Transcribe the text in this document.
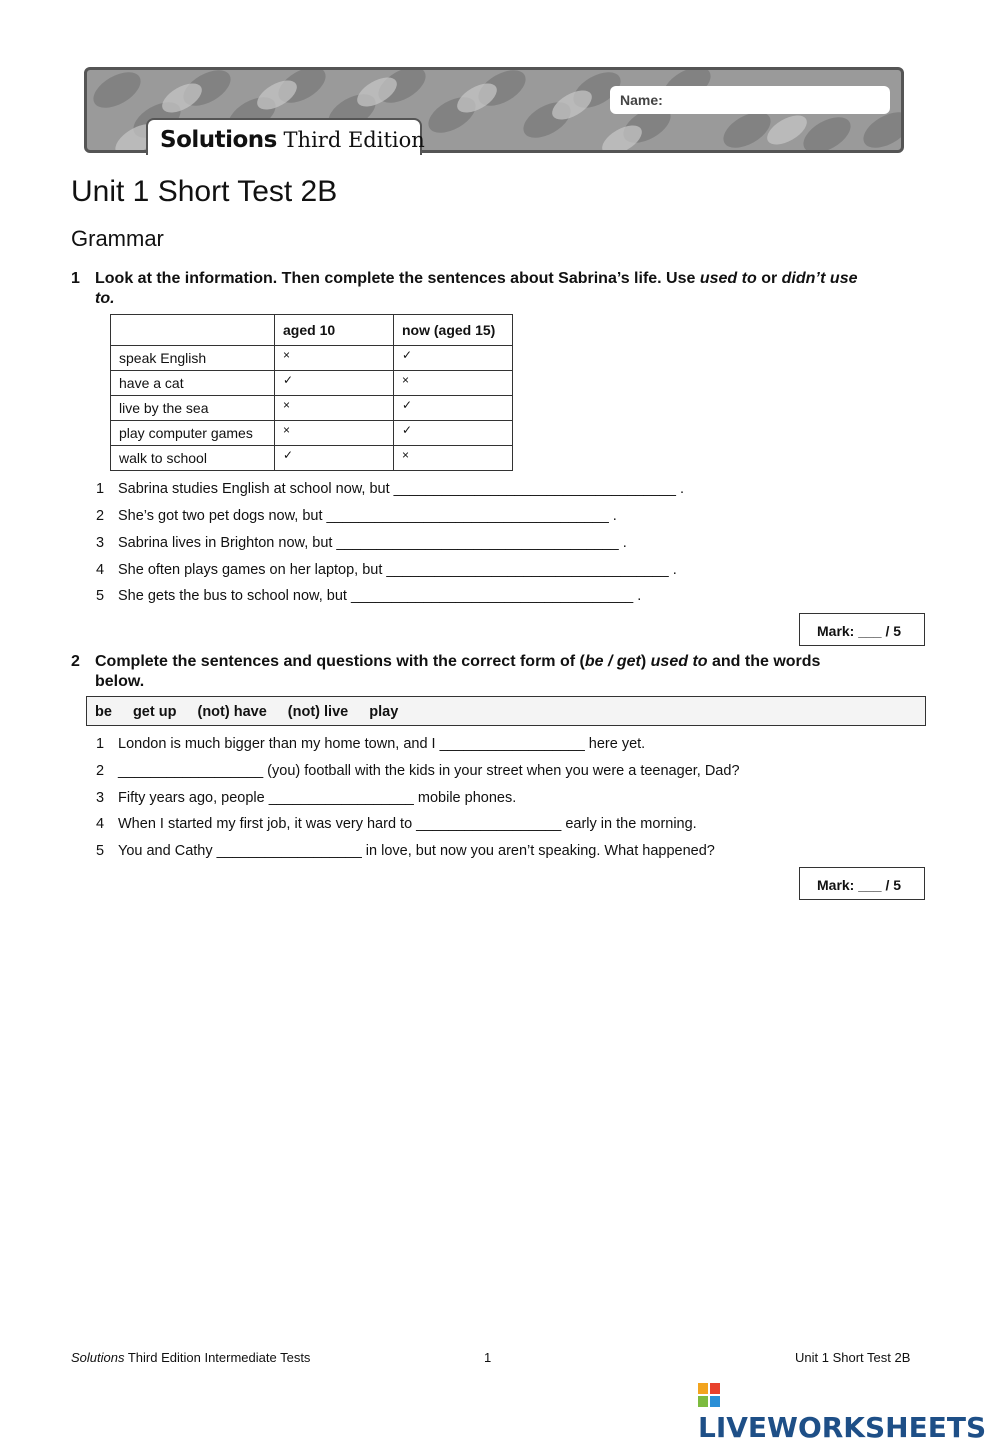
Name:
Solutions Third Edition
Unit 1 Short Test 2B
Grammar
1 Look at the information. Then complete the sentences about Sabrina’s life. Use used to or didn’t use
to.
	aged 10	now (aged 15)
speak English	×	✓
have a cat	✓	×
live by the sea	×	✓
play computer games	×	✓
walk to school	✓	×
1 Sabrina studies English at school now, but ___________________________________ .
2 She’s got two pet dogs now, but ___________________________________ .
3 Sabrina lives in Brighton now, but ___________________________________ .
4 She often plays games on her laptop, but ___________________________________ .
5 She gets the bus to school now, but ___________________________________ .
Mark: ___ / 5
2 Complete the sentences and questions with the correct form of (be / get) used to and the words
below.
be get up (not) have (not) live play
1 London is much bigger than my home town, and I __________________ here yet.
2 __________________ (you) football with the kids in your street when you were a teenager, Dad?
3 Fifty years ago, people __________________ mobile phones.
4 When I started my first job, it was very hard to __________________ early in the morning.
5 You and Cathy __________________ in love, but now you aren’t speaking. What happened?
Mark: ___ / 5
Solutions Third Edition Intermediate Tests	1	Unit 1 Short Test 2B
LIVEWORKSHEETS
